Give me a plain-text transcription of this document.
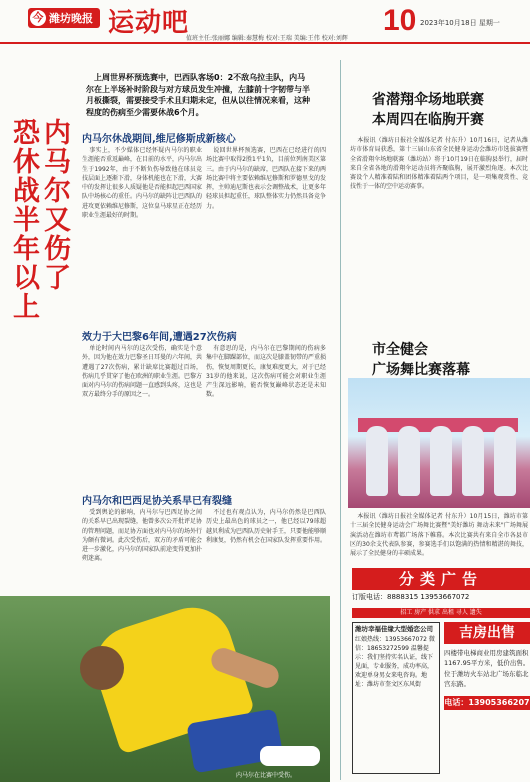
今 潍坊晚报 运动吧	10 2023年10月18日 星期一
值班主任:张丽娜 编辑:秦慧梅 校对:王瑞 美编:王伟 校对:刘辉
内马尔又伤了
恐休战半年以上
上周世界杯预选赛中，巴西队客场0：2不敌乌拉圭队，内马尔在上半场补时阶段与对方球员发生冲撞，左膝前十字韧带与半月板撕裂，需要接受手术且归期未定，但从以往情况来看，这种程度的伤病至少需要休战6个月。
内马尔休战期间,维尼修斯成新核心
事实上，不少媒体已经怀疑内马尔的职业生涯能否重返巅峰，在目前的水平，内马尔出生于1992年，由于不断负伤导致他在球员竞技层面上逐渐下滑，身体机能也在下滑，大赛中的发挥让很多人质疑他是否能担起巴西国家队中场核心的重任。内马尔的缺阵让巴西队的进攻更依赖维尼修斯，这位皇马球星正在经历职业生涯最好的时期。
说回世界杯预选赛，巴西在已经进行的四场比赛中取得2胜1平1负，目前位列南美区第三。由于内马尔的缺席，巴西队在接下来的两场比赛中将主要依赖维尼修斯和罗德里戈的发挥，主帅迪尼斯也表示会调整战术，让更多年轻球员担起重任，球队整体实力仍然具备竞争力。
效力于大巴黎6年间,遭遇27次伤病
单论时间内马尔的这次受伤，确实是个意外，因为他在效力巴黎圣日耳曼的六年间，共遭遇了27次伤病，累计缺席比赛超过百场，伤病几乎贯穿了他在欧洲的职业生涯。巴黎方面对内马尔的伤病问题一直感到头疼，这也是双方最终分手的原因之一。
有意思的是，内马尔在巴黎期间的伤病多集中在脚踝部位，而这次是膝盖韧带的严重损伤，恢复周期更长，康复难度更大，对于已经31岁的他来说，这次伤病可能会对职业生涯产生深远影响，能否恢复巅峰状态还是未知数。
内马尔和巴西足协关系早已有裂缝
受到舆论的影响，内马尔与巴西足协之间的关系早已出现裂缝，他曾多次公开批评足协的管理问题，而足协方面也对内马尔的场外行为颇有微词。此次受伤后，双方的矛盾可能会进一步激化，内马尔的国家队前途变得更加扑朔迷离。
不过也有观点认为，内马尔仍然是巴西队历史上最出色的球员之一，他已经以79球超越贝利成为巴西队历史射手王，只要他能够顺利康复，仍然有机会在国家队发挥重要作用。
内马尔在比赛中受伤。
省潜翔伞场地联赛
本周四在临朐开赛
本报讯（潍坊日报社全媒体记者 付东升）10月16日，记者从潍坊市体育局获悉，第十三届山东省全民健身运动会潍坊市选拔赛暨全省滑翔伞场地联赛（潍坊站）将于10月19日在临朐县举行，届时来自全省各地的滑翔伞运动员将齐聚临朐，展开激烈角逐。本次比赛设个人精准着陆和团体精准着陆两个项目，是一项集观赏性、竞技性于一体的空中运动赛事。
市全健会
广场舞比赛落幕
本报讯（潍坊日报社全媒体记者 付东升）10月15日，潍坊市第十三届全民健身运动会广场舞比赛暨"美好潍坊 舞动未来"广场舞展演活动在潍坊市鸢都广场落下帷幕。本次比赛共有来自全市各县市区的30余支代表队参赛，参赛选手们以饱满的热情和精湛的舞技，展示了全民健身的丰硕成果。
分类广告
订版电话：8888315 13953667072
招工 房产 供求 出租 寻人 遗失
潍坊幸福佳缘大型婚恋公司
红娘热线：13953667072 微信：18653272599 温馨提示：我们坚持实名认证，线下见面，专业服务，成功率高，欢迎单身男女来电咨询。地址：潍坊市奎文区东风街
吉房出售
四楼带电梯商业用房建筑面积1167.95平方米，低价出售。位于潍坊火车站北广场东临北宫东路。
电话：13905366207
